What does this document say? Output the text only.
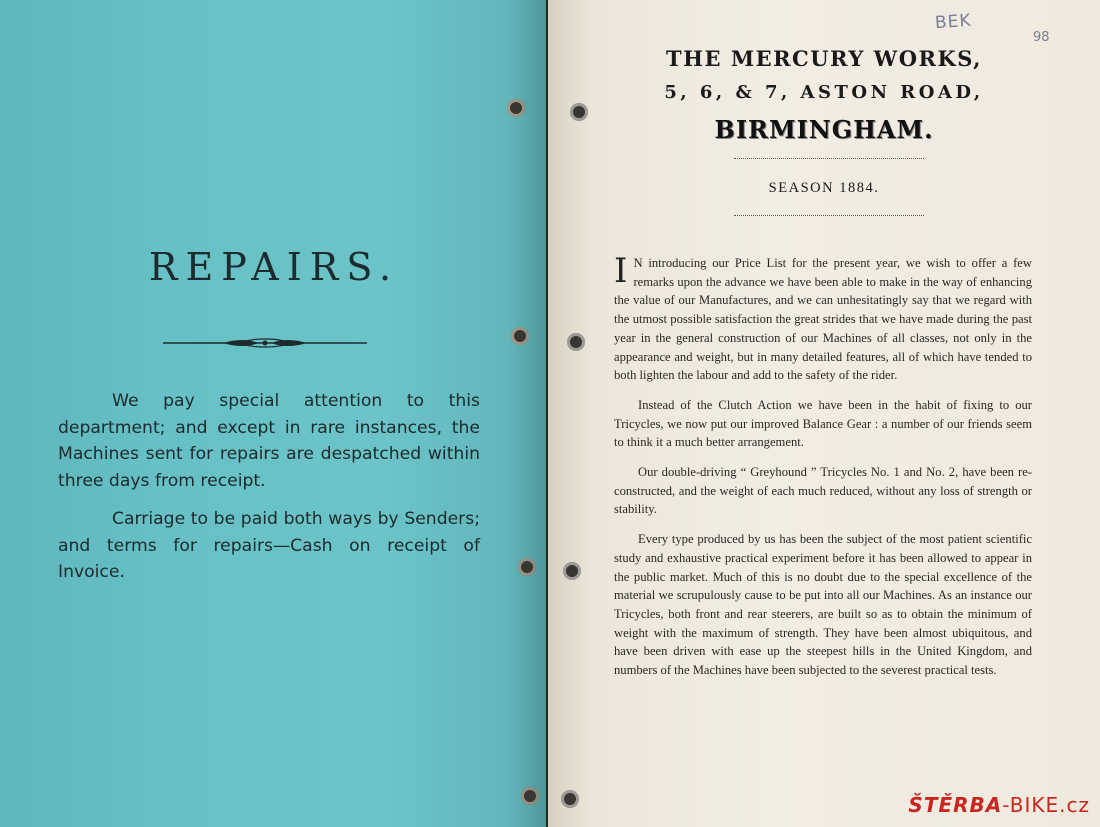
REPAIRS.

We pay special attention to this department; and except in rare instances, the Machines sent for repairs are despatched within three days from receipt.

Carriage to be paid both ways by Senders; and terms for repairs—Cash on receipt of Invoice.

THE MERCURY WORKS,
5, 6, & 7, ASTON ROAD,
BIRMINGHAM.
SEASON 1884.

I N introducing our Price List for the present year, we wish to offer a few remarks upon the advance we have been able to make in the way of enhancing the value of our Manufactures, and we can unhesitatingly say that we regard with the utmost possible satisfaction the great strides that we have made during the past year in the general construction of our Machines of all classes, not only in the appearance and weight, but in many detailed features, all of which have tended to both lighten the labour and add to the safety of the rider.

Instead of the Clutch Action we have been in the habit of fixing to our Tricycles, we now put our improved Balance Gear : a number of our friends seem to think it a much better arrangement.

Our double-driving “ Greyhound ” Tricycles No. 1 and No. 2, have been re-constructed, and the weight of each much reduced, without any loss of strength or stability.

Every type produced by us has been the subject of the most patient scientific study and exhaustive practical experiment before it has been allowed to appear in the public market. Much of this is no doubt due to the special excellence of the material we scrupulously cause to be put into all our Machines. As an instance our Tricycles, both front and rear steerers, are built so as to obtain the minimum of weight with the maximum of strength. They have been almost ubiquitous, and have been driven with ease up the steepest hills in the United Kingdom, and numbers of the Machines have been subjected to the severest practical tests.

BEK
98
ŠTĚRBA-BIKE.cz
